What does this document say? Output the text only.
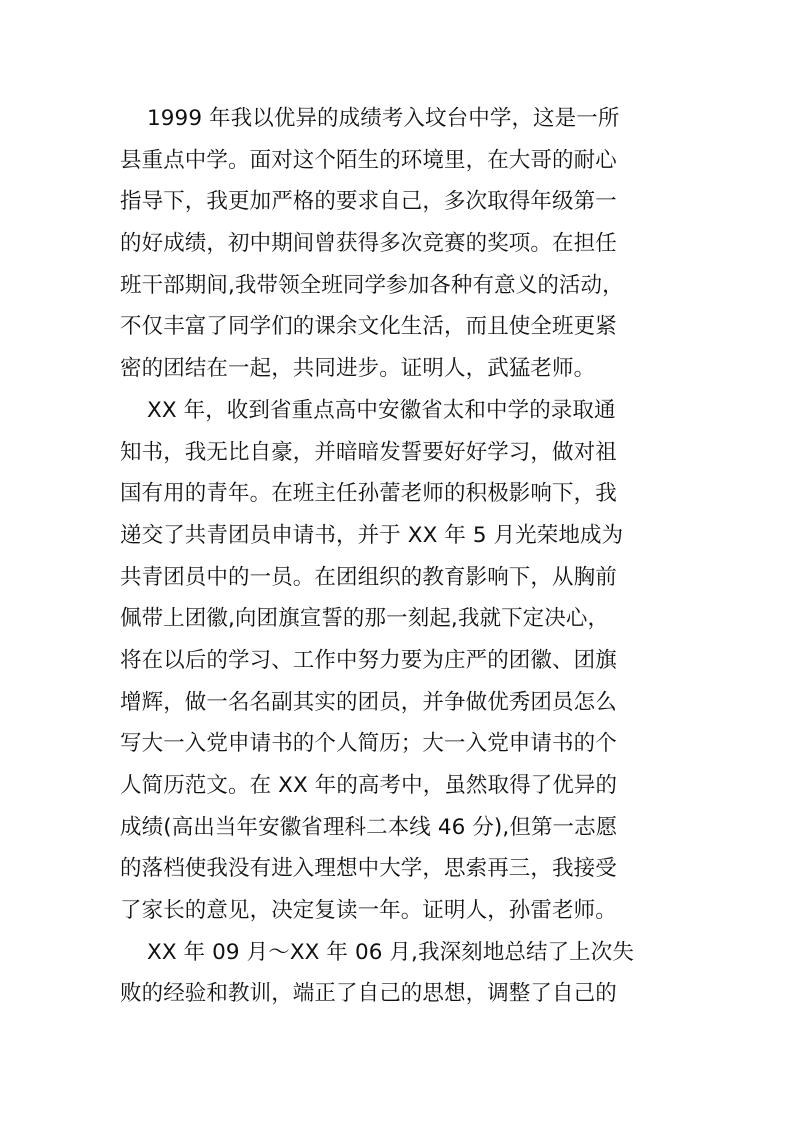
1999 年我以优异的成绩考入坟台中学，这是一所
县重点中学。面对这个陌生的环境里，在大哥的耐心
指导下，我更加严格的要求自己，多次取得年级第一
的好成绩，初中期间曾获得多次竞赛的奖项。在担任
班干部期间,我带领全班同学参加各种有意义的活动，
不仅丰富了同学们的课余文化生活，而且使全班更紧
密的团结在一起，共同进步。证明人，武猛老师。
XX 年，收到省重点高中安徽省太和中学的录取通
知书，我无比自豪，并暗暗发誓要好好学习，做对祖
国有用的青年。在班主任孙蕾老师的积极影响下，我
递交了共青团员申请书，并于 XX 年 5 月光荣地成为
共青团员中的一员。在团组织的教育影响下，从胸前
佩带上团徽,向团旗宣誓的那一刻起,我就下定决心，
将在以后的学习、工作中努力要为庄严的团徽、团旗
增辉，做一名名副其实的团员，并争做优秀团员怎么
写大一入党申请书的个人简历；大一入党申请书的个
人简历范文。在 XX 年的高考中，虽然取得了优异的
成绩(高出当年安徽省理科二本线 46 分),但第一志愿
的落档使我没有进入理想中大学，思索再三，我接受
了家长的意见，决定复读一年。证明人，孙雷老师。
XX 年 09 月～XX 年 06 月,我深刻地总结了上次失
败的经验和教训，端正了自己的思想，调整了自己的
